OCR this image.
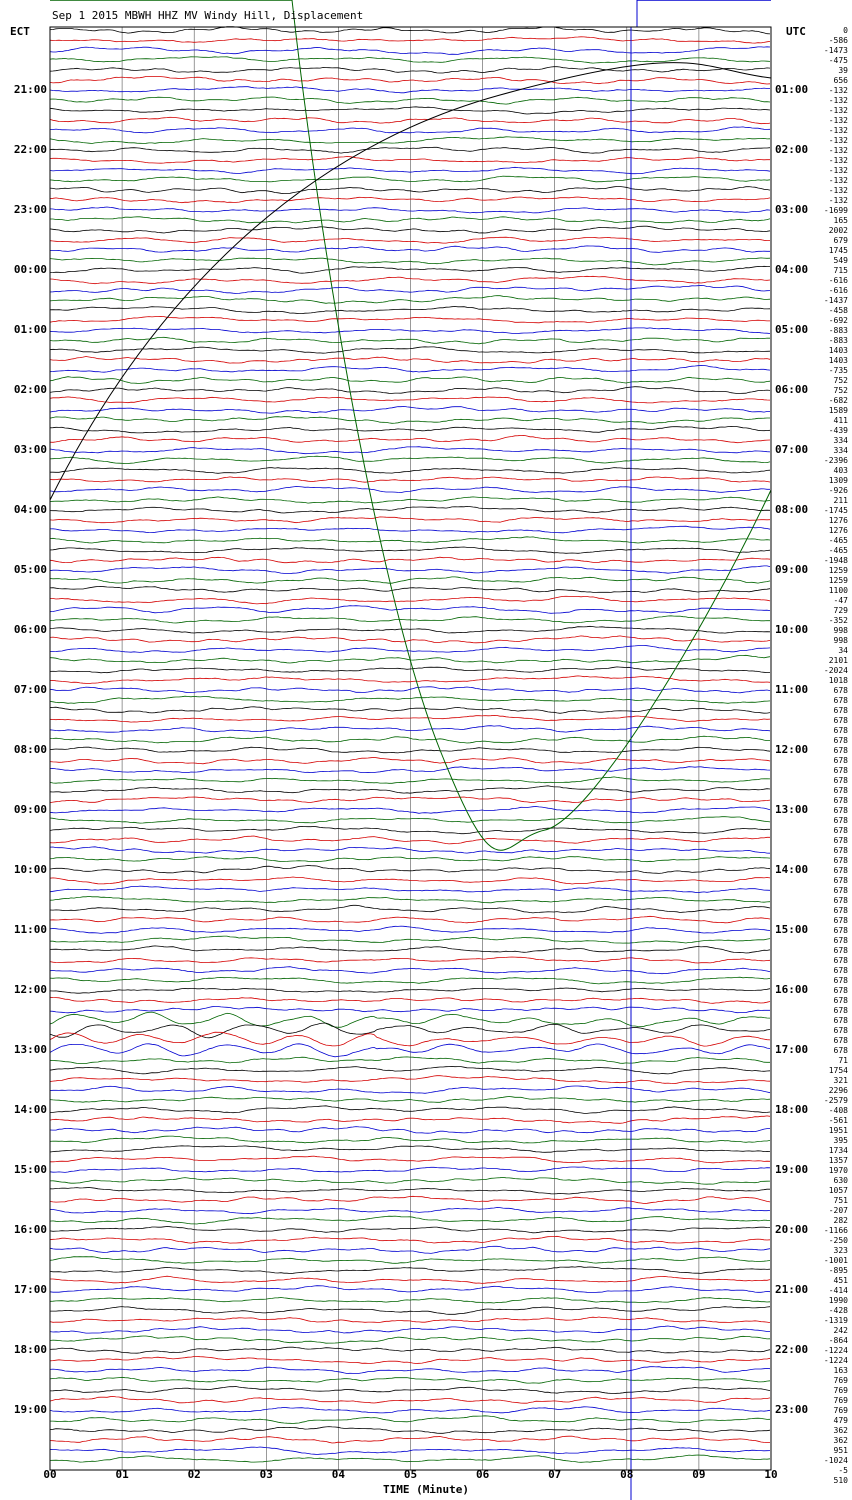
00	01	02	03	04	05	06	07	08	09	10
21:00
22:00
23:00
00:00
01:00
02:00
03:00
04:00
05:00
06:00
07:00
08:00
09:00
10:00
11:00
12:00
13:00
14:00
15:00
16:00
17:00
18:00
19:00
01:00
02:00
03:00
04:00
05:00
06:00
07:00
08:00
09:00
10:00
11:00
12:00
13:00
14:00
15:00
16:00
17:00
18:00
19:00
20:00
21:00
22:00
23:00
0
-586
-1473
-475
39
656
-132
-132
-132
-132
-132
-132
-132
-132
-132
-132
-132
-132
-1699
165
2002
679
1745
549
715
-616
-616
-1437
-458
-692
-883
-883
1403
1403
-735
752
752
-682
1589
411
-439
334
334
-2396
403
1309
-926
211
-1745
1276
1276
-465
-465
-1948
1259
1259
1100
-47
729
-352
998
998
34
2101
-2024
1018
678
678
678
678
678
678
678
678
678
678
678
678
678
678
678
678
678
678
678
678
678
678
678
678
678
678
678
678
678
678
678
678
678
678
678
678
678
71
1754
321
2296
-2579
-408
-561
1951
395
1734
1357
1970
630
1057
751
-207
282
-1166
-250
323
-1001
-895
451
-414
1990
-428
-1319
242
-864
-1224
-1224
163
769
769
769
769
479
362
362
951
-1024
-5
510
Sep 1 2015 MBWH HHZ MV Windy Hill, Displacement
ECT	UTC
TIME (Minute)
